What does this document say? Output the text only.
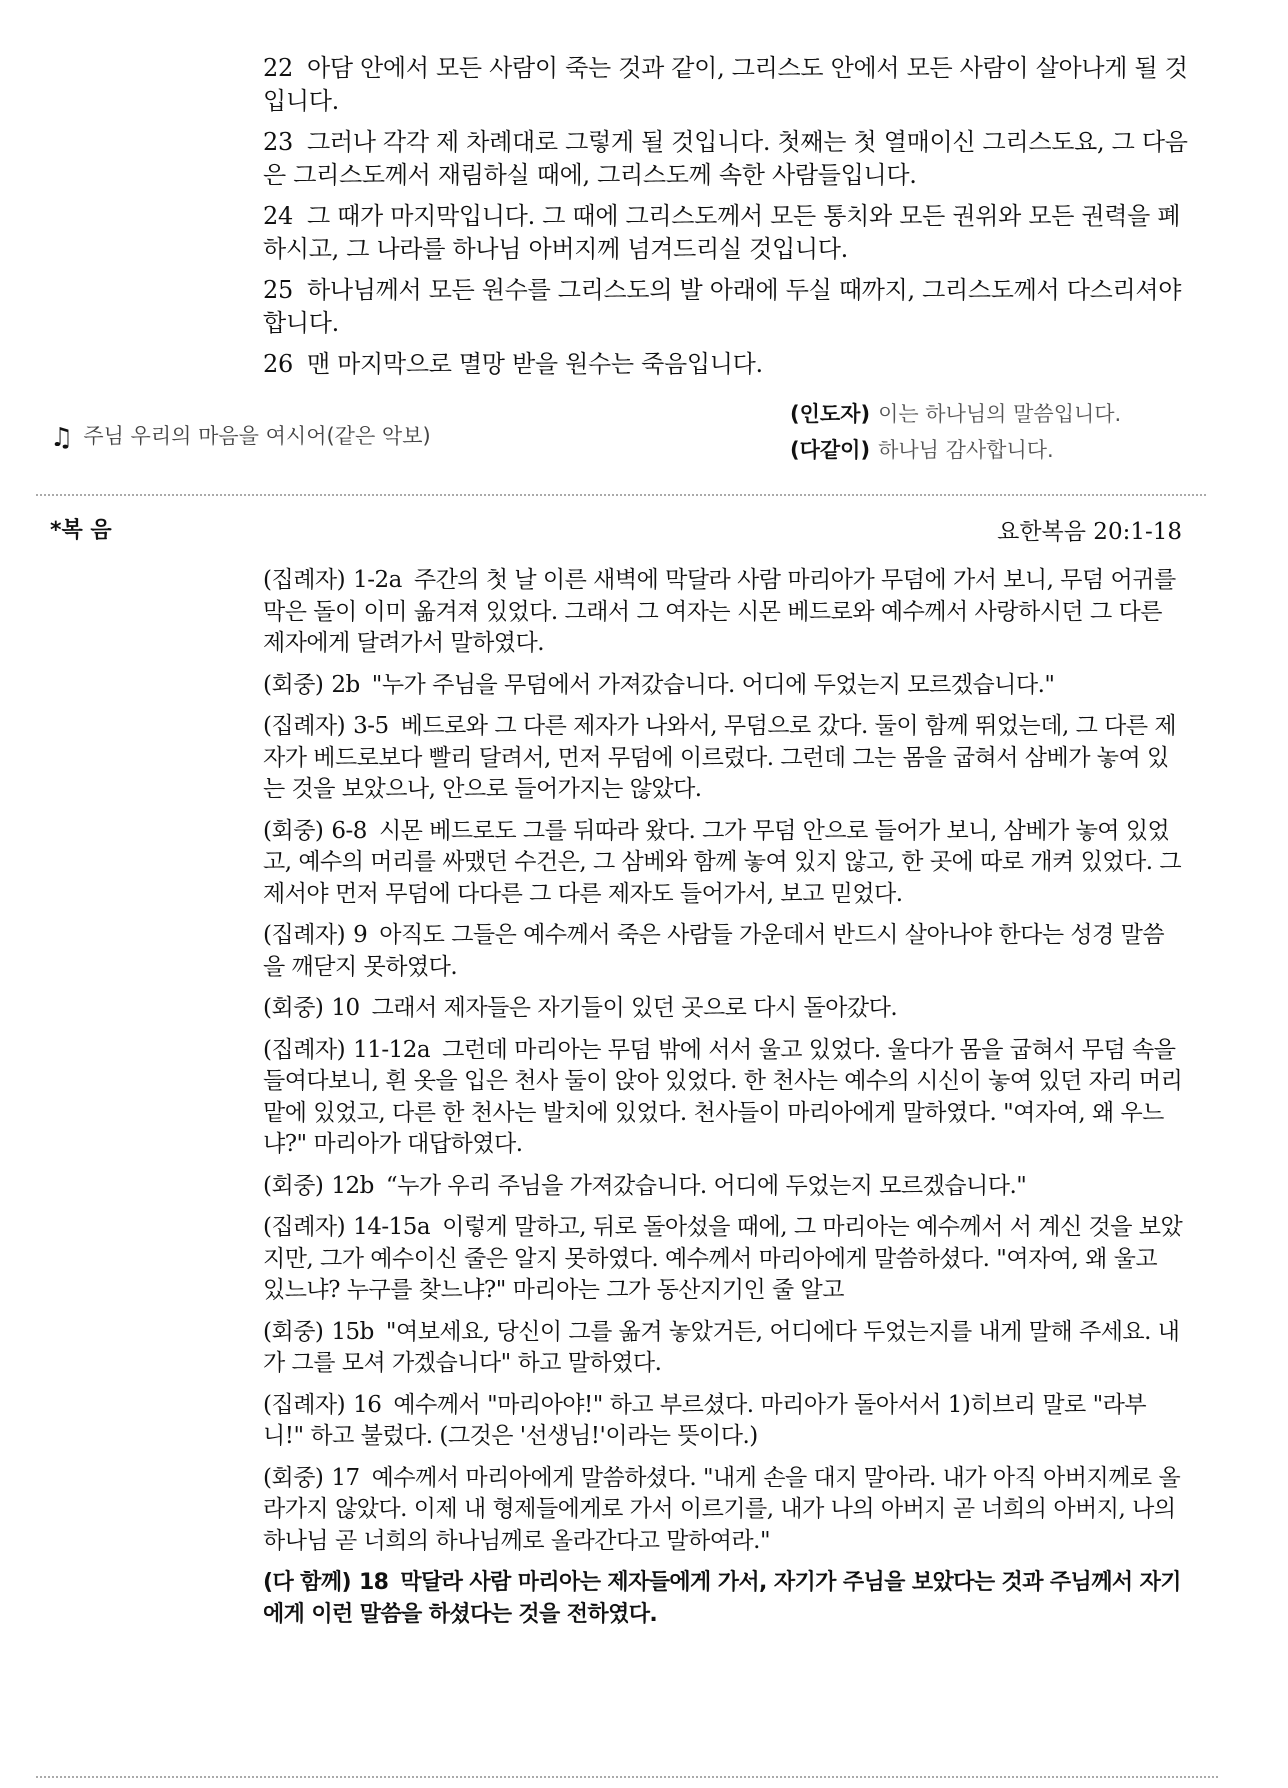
22 아담 안에서 모든 사람이 죽는 것과 같이, 그리스도 안에서 모든 사람이 살아나게 될 것입니다.

23 그러나 각각 제 차례대로 그렇게 될 것입니다. 첫째는 첫 열매이신 그리스도요, 그 다음은 그리스도께서 재림하실 때에, 그리스도께 속한 사람들입니다.

24 그 때가 마지막입니다. 그 때에 그리스도께서 모든 통치와 모든 권위와 모든 권력을 폐하시고, 그 나라를 하나님 아버지께 넘겨드리실 것입니다.

25 하나님께서 모든 원수를 그리스도의 발 아래에 두실 때까지, 그리스도께서 다스리셔야 합니다.

26 맨 마지막으로 멸망 받을 원수는 죽음입니다.

♫ 주님 우리의 마음을 여시어(같은 악보)
(인도자) 이는 하나님의 말씀입니다.
(다같이) 하나님 감사합니다.
*복 음	요한복음 20:1-18

(집례자) 1-2a 주간의 첫 날 이른 새벽에 막달라 사람 마리아가 무덤에 가서 보니, 무덤 어귀를 막은 돌이 이미 옮겨져 있었다. 그래서 그 여자는 시몬 베드로와 예수께서 사랑하시던 그 다른 제자에게 달려가서 말하였다.

(회중) 2b "누가 주님을 무덤에서 가져갔습니다. 어디에 두었는지 모르겠습니다."

(집례자) 3-5 베드로와 그 다른 제자가 나와서, 무덤으로 갔다. 둘이 함께 뛰었는데, 그 다른 제자가 베드로보다 빨리 달려서, 먼저 무덤에 이르렀다. 그런데 그는 몸을 굽혀서 삼베가 놓여 있는 것을 보았으나, 안으로 들어가지는 않았다.

(회중) 6-8 시몬 베드로도 그를 뒤따라 왔다. 그가 무덤 안으로 들어가 보니, 삼베가 놓여 있었고, 예수의 머리를 싸맸던 수건은, 그 삼베와 함께 놓여 있지 않고, 한 곳에 따로 개켜 있었다. 그제서야 먼저 무덤에 다다른 그 다른 제자도 들어가서, 보고 믿었다.

(집례자) 9 아직도 그들은 예수께서 죽은 사람들 가운데서 반드시 살아나야 한다는 성경 말씀을 깨닫지 못하였다.

(회중) 10 그래서 제자들은 자기들이 있던 곳으로 다시 돌아갔다.

(집례자) 11-12a 그런데 마리아는 무덤 밖에 서서 울고 있었다. 울다가 몸을 굽혀서 무덤 속을 들여다보니, 흰 옷을 입은 천사 둘이 앉아 있었다. 한 천사는 예수의 시신이 놓여 있던 자리 머리맡에 있었고, 다른 한 천사는 발치에 있었다. 천사들이 마리아에게 말하였다. "여자여, 왜 우느냐?" 마리아가 대답하였다.

(회중) 12b “누가 우리 주님을 가져갔습니다. 어디에 두었는지 모르겠습니다."

(집례자) 14-15a 이렇게 말하고, 뒤로 돌아섰을 때에, 그 마리아는 예수께서 서 계신 것을 보았지만, 그가 예수이신 줄은 알지 못하였다. 예수께서 마리아에게 말씀하셨다. "여자여, 왜 울고 있느냐? 누구를 찾느냐?" 마리아는 그가 동산지기인 줄 알고

(회중) 15b "여보세요, 당신이 그를 옮겨 놓았거든, 어디에다 두었는지를 내게 말해 주세요. 내가 그를 모셔 가겠습니다" 하고 말하였다.

(집례자) 16 예수께서 "마리아야!" 하고 부르셨다. 마리아가 돌아서서 1)히브리 말로 "라부니!" 하고 불렀다. (그것은 '선생님!'이라는 뜻이다.)

(회중) 17 예수께서 마리아에게 말씀하셨다. "내게 손을 대지 말아라. 내가 아직 아버지께로 올라가지 않았다. 이제 내 형제들에게로 가서 이르기를, 내가 나의 아버지 곧 너희의 아버지, 나의 하나님 곧 너희의 하나님께로 올라간다고 말하여라."

(다 함께) 18 막달라 사람 마리아는 제자들에게 가서, 자기가 주님을 보았다는 것과 주님께서 자기에게 이런 말씀을 하셨다는 것을 전하였다.
